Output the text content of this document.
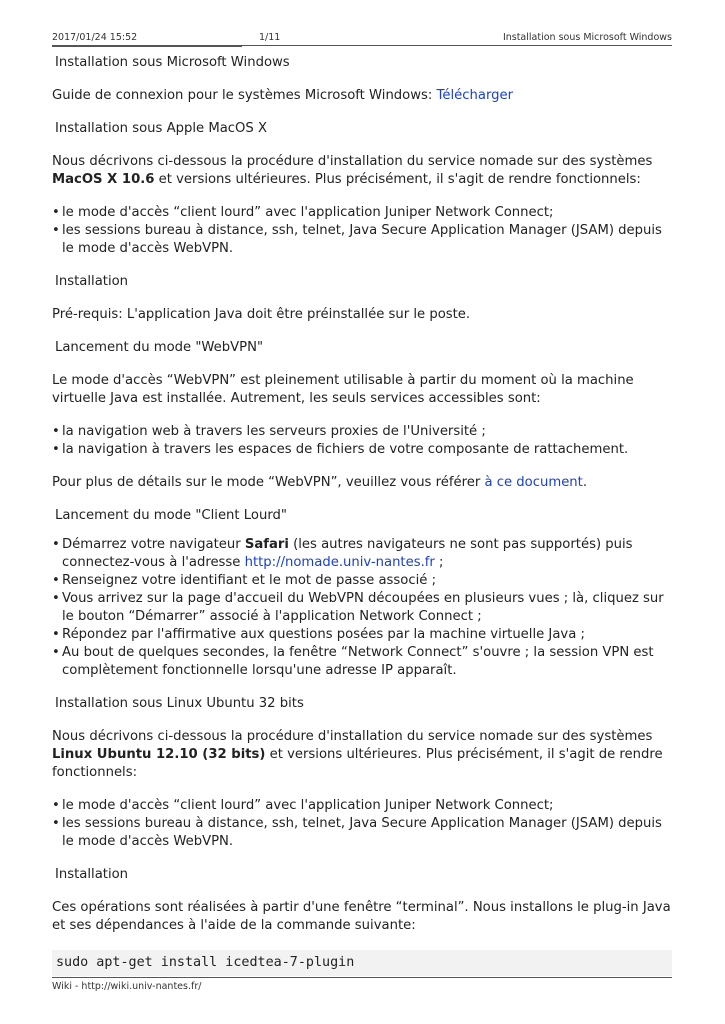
2017/01/24 15:52	1/11	Installation sous Microsoft Windows
Installation sous Microsoft Windows

Guide de connexion pour le systèmes Microsoft Windows: Télécharger

Installation sous Apple MacOS X

Nous décrivons ci-dessous la procédure d'installation du service nomade sur des systèmes MacOS X 10.6 et versions ultérieures. Plus précisément, il s'agit de rendre fonctionnels:

• le mode d'accès “client lourd” avec l'application Juniper Network Connect;
• les sessions bureau à distance, ssh, telnet, Java Secure Application Manager (JSAM) depuis le mode d'accès WebVPN.
Installation

Pré-requis: L'application Java doit être préinstallée sur le poste.

Lancement du mode "WebVPN"

Le mode d'accès “WebVPN” est pleinement utilisable à partir du moment où la machine virtuelle Java est installée. Autrement, les seuls services accessibles sont:

• la navigation web à travers les serveurs proxies de l'Université ;
• la navigation à travers les espaces de fichiers de votre composante de rattachement.

Pour plus de détails sur le mode “WebVPN”, veuillez vous référer à ce document.

Lancement du mode "Client Lourd"
• Démarrez votre navigateur Safari (les autres navigateurs ne sont pas supportés) puis connectez-vous à l'adresse http://nomade.univ-nantes.fr ;
• Renseignez votre identifiant et le mot de passe associé ;
• Vous arrivez sur la page d'accueil du WebVPN découpées en plusieurs vues ; là, cliquez sur le bouton “Démarrer” associé à l'application Network Connect ;
• Répondez par l'affirmative aux questions posées par la machine virtuelle Java ;
• Au bout de quelques secondes, la fenêtre “Network Connect” s'ouvre ; la session VPN est complètement fonctionnelle lorsqu'une adresse IP apparaît.
Installation sous Linux Ubuntu 32 bits

Nous décrivons ci-dessous la procédure d'installation du service nomade sur des systèmes Linux Ubuntu 12.10 (32 bits) et versions ultérieures. Plus précisément, il s'agit de rendre fonctionnels:

• le mode d'accès “client lourd” avec l'application Juniper Network Connect;
• les sessions bureau à distance, ssh, telnet, Java Secure Application Manager (JSAM) depuis le mode d'accès WebVPN.
Installation

Ces opérations sont réalisées à partir d'une fenêtre “terminal”. Nous installons le plug-in Java et ses dépendances à l'aide de la commande suivante:

sudo apt-get install icedtea-7-plugin
Wiki - http://wiki.univ-nantes.fr/
